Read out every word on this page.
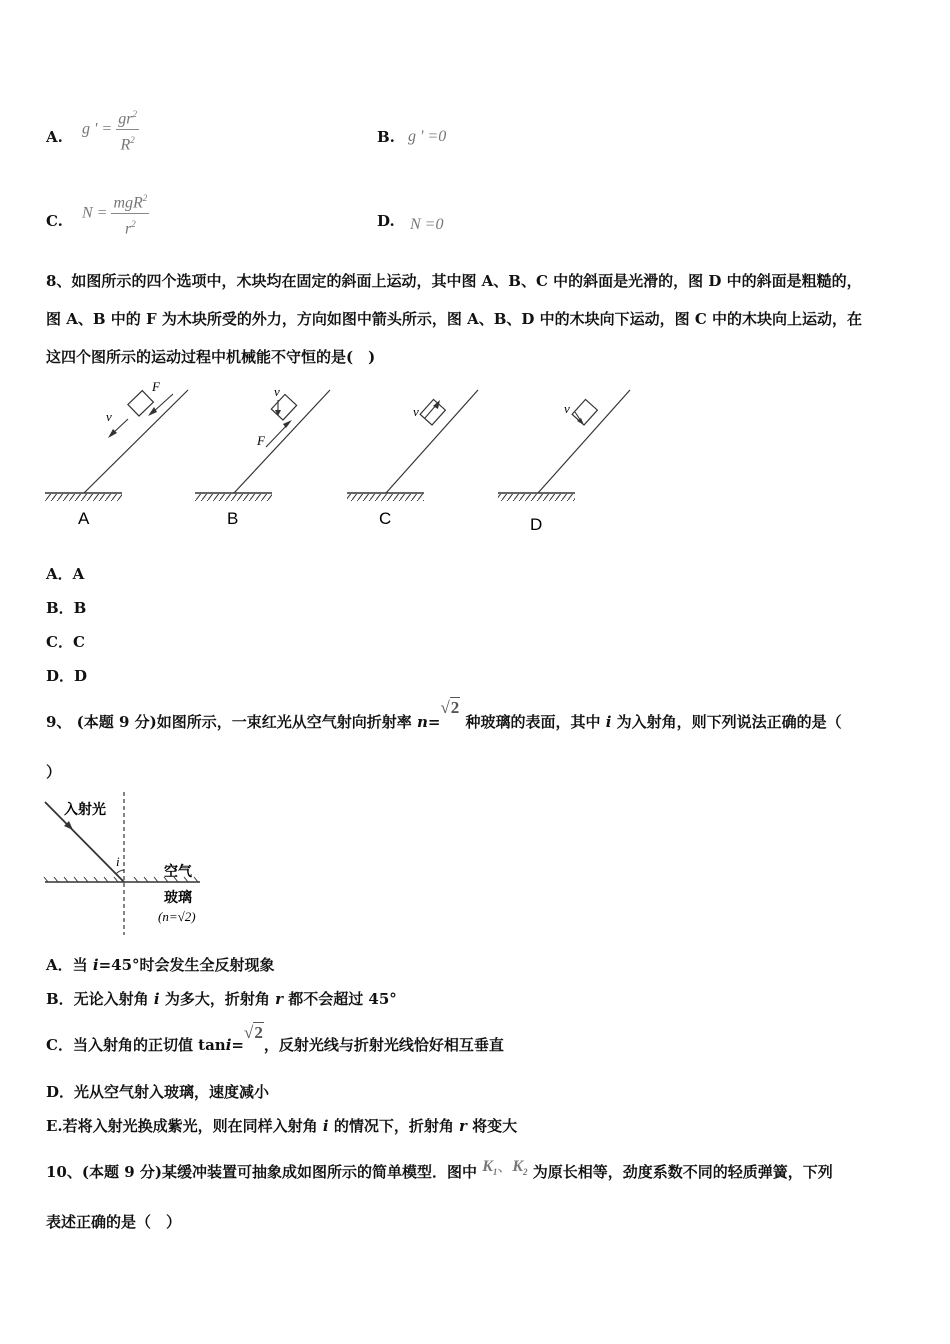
A. g ' = $\frac{gr^2}{R^2}$	B. g ' =0
C. $N = \frac{mgR^2}{r^2}$	D. N =0
8、如图所示的四个选项中，木块均在固定的斜面上运动，其中图 A、B、C 中的斜面是光滑的，图 D 中的斜面是粗糙的，
图 A、B 中的 F 为木块所受的外力，方向如图中箭头所示，图 A、B、D 中的木块向下运动，图 C 中的木块向上运动，在
这四个图所示的运动过程中机械能不守恒的是(　)
F
v
A
v
F
B
v
C
v
D
A．A
B．B
C．C
D．D
9、 (本题 9 分)如图所示，一束红光从空气射向折射率 n=√2 种玻璃的表面，其中 i 为入射角，则下列说法正确的是（
）
入射光
i
空气
玻璃
(n=√2)
A．当 i=45°时会发生全反射现象
B．无论入射角 i 为多大，折射角 r 都不会超过 45°
C．当入射角的正切值 tani=√2，反射光线与折射光线恰好相互垂直
D．光从空气射入玻璃，速度减小
E.若将入射光换成紫光，则在同样入射角 i 的情况下，折射角 r 将变大
10、(本题 9 分)某缓冲装置可抽象成如图所示的简单模型．图中 $K_1$、$K_2$ 为原长相等，劲度系数不同的轻质弹簧，下列
表述正确的是（　）
